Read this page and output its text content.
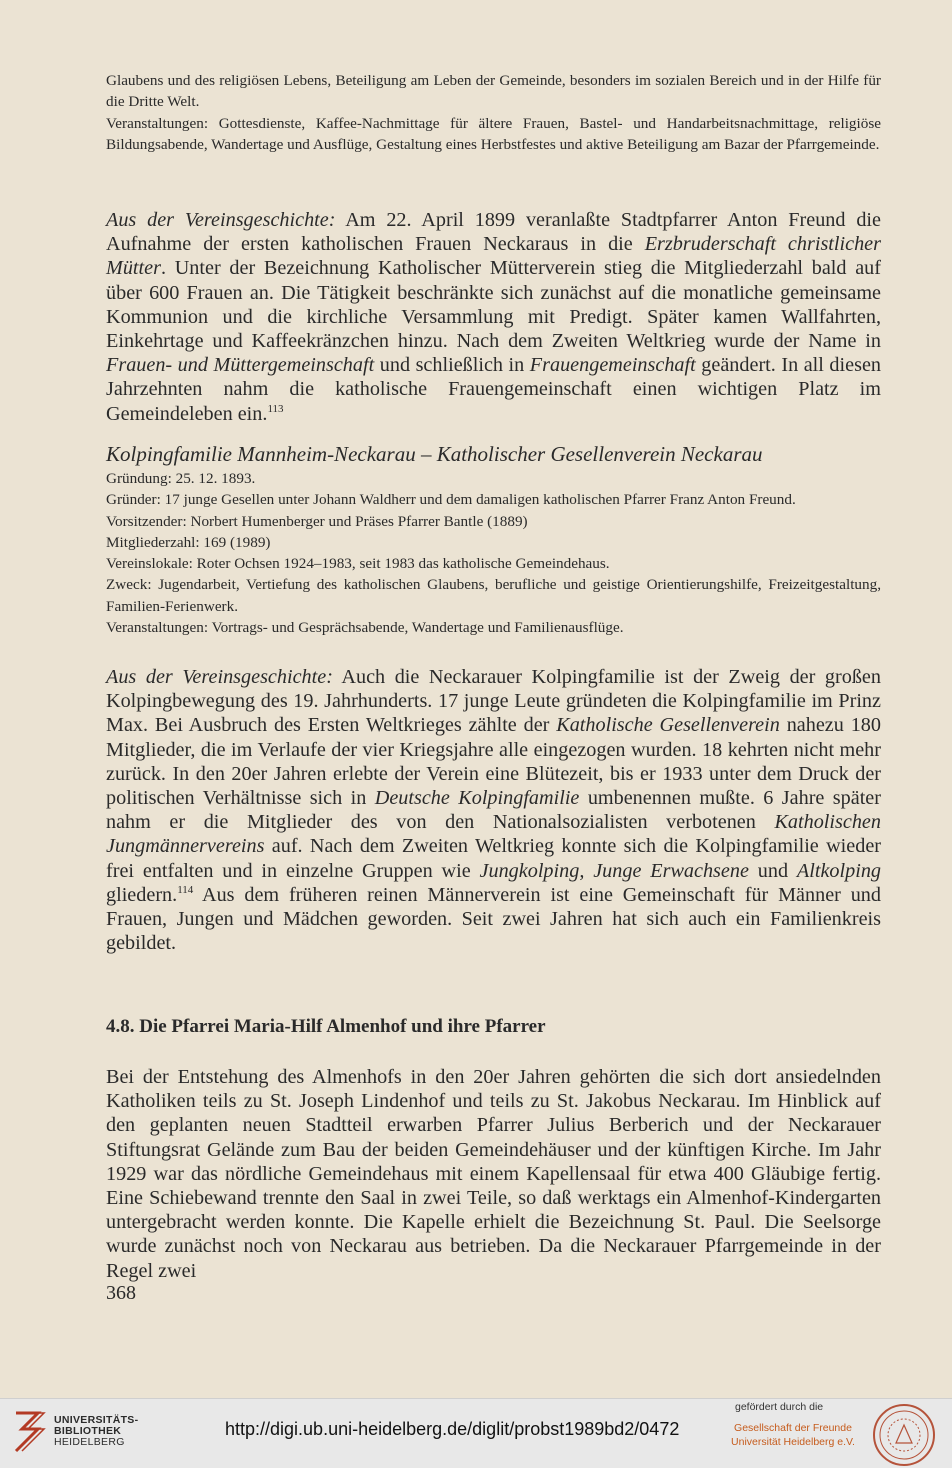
Glaubens und des religiösen Lebens, Beteiligung am Leben der Gemeinde, besonders im sozialen Bereich und in der Hilfe für die Dritte Welt.

Veranstaltungen: Gottesdienste, Kaffee-Nachmittage für ältere Frauen, Bastel- und Handarbeitsnachmittage, religiöse Bildungsabende, Wandertage und Ausflüge, Gestaltung eines Herbstfestes und aktive Beteiligung am Bazar der Pfarrgemeinde.

Aus der Vereinsgeschichte: Am 22. April 1899 veranlaßte Stadtpfarrer Anton Freund die Aufnahme der ersten katholischen Frauen Neckaraus in die Erzbruderschaft christlicher Mütter. Unter der Bezeichnung Katholischer Mütterverein stieg die Mitgliederzahl bald auf über 600 Frauen an. Die Tätigkeit beschränkte sich zunächst auf die monatliche gemeinsame Kommunion und die kirchliche Versammlung mit Predigt. Später kamen Wallfahrten, Einkehrtage und Kaffeekränzchen hinzu. Nach dem Zweiten Weltkrieg wurde der Name in Frauen- und Müttergemeinschaft und schließlich in Frauengemeinschaft geändert. In all diesen Jahrzehnten nahm die katholische Frauengemeinschaft einen wichtigen Platz im Gemeindeleben ein.$^{113}$

Kolpingfamilie Mannheim-Neckarau – Katholischer Gesellenverein Neckarau

Gründung: 25. 12. 1893.

Gründer: 17 junge Gesellen unter Johann Waldherr und dem damaligen katholischen Pfarrer Franz Anton Freund.

Vorsitzender: Norbert Humenberger und Präses Pfarrer Bantle (1889)

Mitgliederzahl: 169 (1989)

Vereinslokale: Roter Ochsen 1924–1983, seit 1983 das katholische Gemeindehaus.

Zweck: Jugendarbeit, Vertiefung des katholischen Glaubens, berufliche und geistige Orientierungshilfe, Freizeitgestaltung, Familien-Ferienwerk.

Veranstaltungen: Vortrags- und Gesprächsabende, Wandertage und Familienausflüge.

Aus der Vereinsgeschichte: Auch die Neckarauer Kolpingfamilie ist der Zweig der großen Kolpingbewegung des 19. Jahrhunderts. 17 junge Leute gründeten die Kolpingfamilie im Prinz Max. Bei Ausbruch des Ersten Weltkrieges zählte der Katholische Gesellenverein nahezu 180 Mitglieder, die im Verlaufe der vier Kriegsjahre alle eingezogen wurden. 18 kehrten nicht mehr zurück. In den 20er Jahren erlebte der Verein eine Blütezeit, bis er 1933 unter dem Druck der politischen Verhältnisse sich in Deutsche Kolpingfamilie umbenennen mußte. 6 Jahre später nahm er die Mitglieder des von den Nationalsozialisten verbotenen Katholischen Jungmännervereins auf. Nach dem Zweiten Weltkrieg konnte sich die Kolpingfamilie wieder frei entfalten und in einzelne Gruppen wie Jungkolping, Junge Erwachsene und Altkolping gliedern.$^{114}$ Aus dem früheren reinen Männerverein ist eine Gemeinschaft für Männer und Frauen, Jungen und Mädchen geworden. Seit zwei Jahren hat sich auch ein Familienkreis gebildet.

4.8. Die Pfarrei Maria-Hilf Almenhof und ihre Pfarrer

Bei der Entstehung des Almenhofs in den 20er Jahren gehörten die sich dort ansiedelnden Katholiken teils zu St. Joseph Lindenhof und teils zu St. Jakobus Neckarau. Im Hinblick auf den geplanten neuen Stadtteil erwarben Pfarrer Julius Berberich und der Neckarauer Stiftungsrat Gelände zum Bau der beiden Gemeindehäuser und der künftigen Kirche. Im Jahr 1929 war das nördliche Gemeindehaus mit einem Kapellensaal für etwa 400 Gläubige fertig. Eine Schiebewand trennte den Saal in zwei Teile, so daß werktags ein Almenhof-Kindergarten untergebracht werden konnte. Die Kapelle erhielt die Bezeichnung St. Paul. Die Seelsorge wurde zunächst noch von Neckarau aus betrieben. Da die Neckarauer Pfarrgemeinde in der Regel zwei

368
UNIVERSITÄTS-
BIBLIOTHEK
HEIDELBERG
http://digi.ub.uni-heidelberg.de/diglit/probst1989bd2/0472
gefördert durch die
Gesellschaft der Freunde
Universität Heidelberg e.V.
